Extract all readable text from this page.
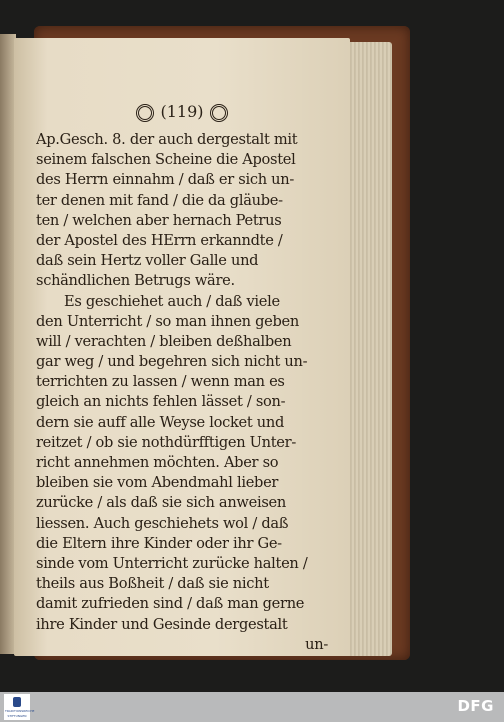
(119)
Ap.Gesch. 8. der auch dergestalt mit
seinem falschen Scheine die Apostel
des Herrn einnahm / daß er sich un-
ter denen mit fand / die da gläube-
ten / welchen aber hernach Petrus
der Apostel des HErrn erkanndte /
daß sein Hertz voller Galle und
schändlichen Betrugs wäre.
Es geschiehet auch / daß viele
den Unterricht / so man ihnen geben
will / verachten / bleiben deßhalben
gar weg / und begehren sich nicht un-
terrichten zu lassen / wenn man es
gleich an nichts fehlen lässet / son-
dern sie auff alle Weyse locket und
reitzet / ob sie nothdürfftigen Unter-
richt annehmen möchten. Aber so
bleiben sie vom Abendmahl lieber
zurücke / als daß sie sich anweisen
liessen. Auch geschiehets wol / daß
die Eltern ihre Kinder oder ihr Ge-
sinde vom Unterricht zurücke halten /
theils aus Boßheit / daß sie nicht
damit zufrieden sind / daß man gerne
ihre Kinder und Gesinde dergestalt
un-
TRADITIONSREICHE
STIFTUNGEN
DFG
